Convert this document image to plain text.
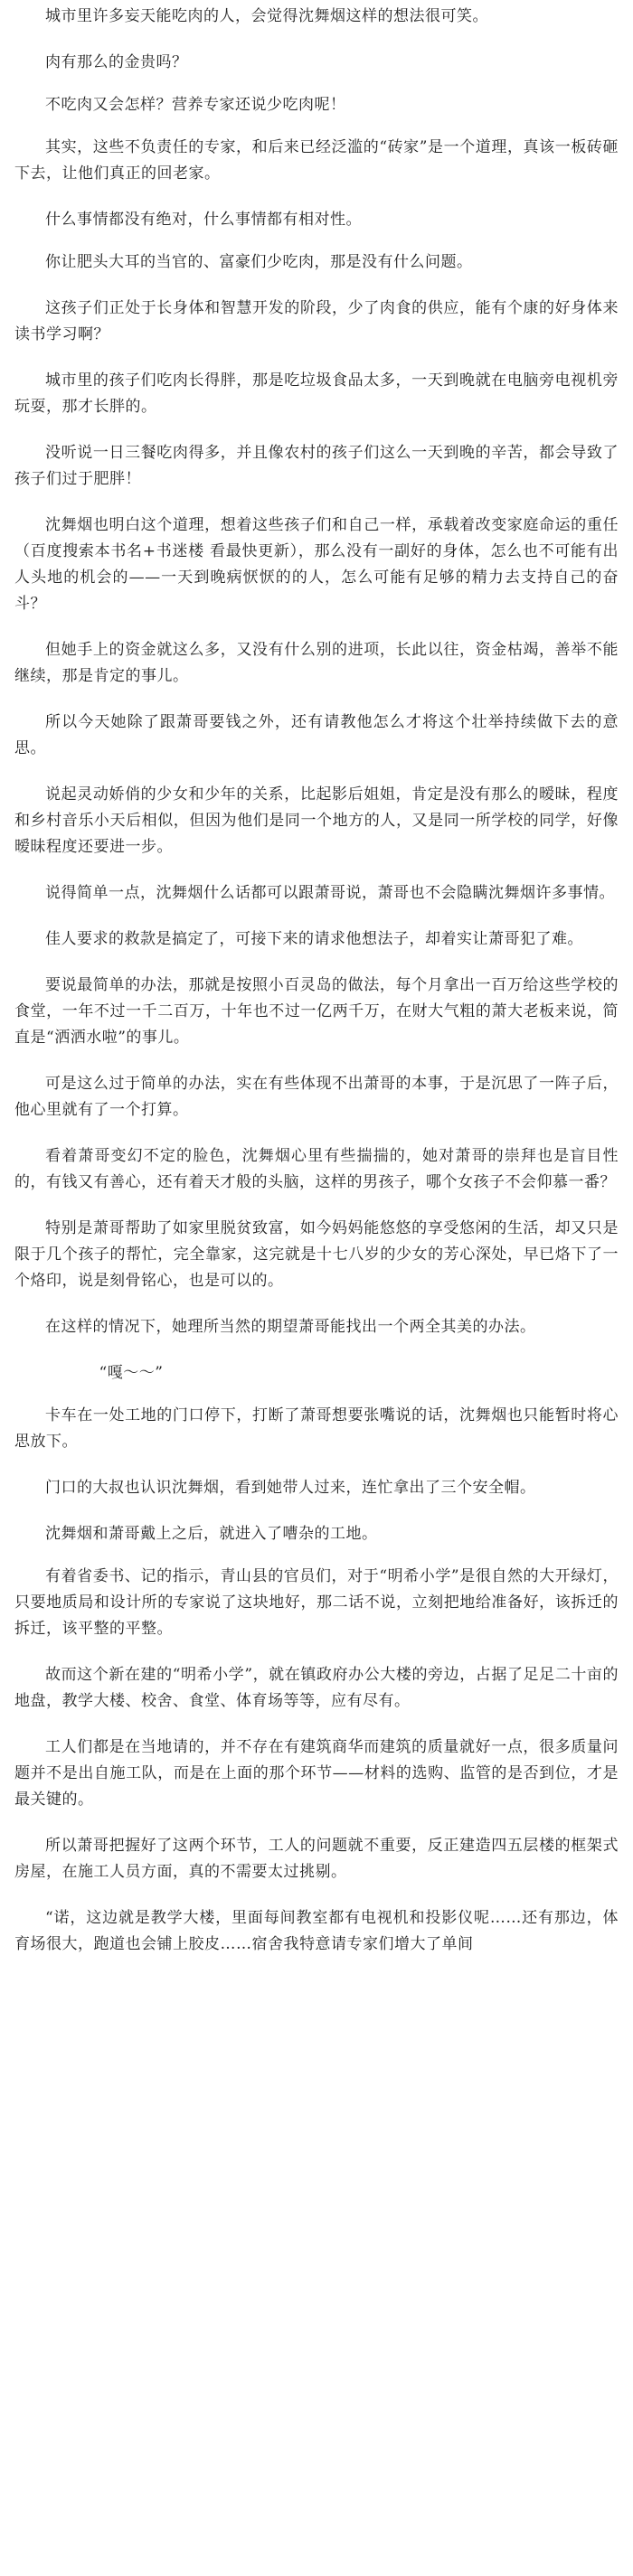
城市里许多妄天能吃肉的人，会觉得沈舞烟这样的想法很可笑。

肉有那么的金贵吗？

不吃肉又会怎样？营养专家还说少吃肉呢！

其实，这些不负责任的专家，和后来已经泛滥的“砖家”是一个道理，真该一板砖砸下去，让他们真正的回老家。

什么事情都没有绝对，什么事情都有相对性。

你让肥头大耳的当官的、富豪们少吃肉，那是没有什么问题。

这孩子们正处于长身体和智慧开发的阶段，少了肉食的供应，能有个康的好身体来读书学习啊？

城市里的孩子们吃肉长得胖，那是吃垃圾食品太多，一天到晚就在电脑旁电视机旁玩耍，那才长胖的。

没听说一日三餐吃肉得多，并且像农村的孩子们这么一天到晚的辛苦，都会导致了孩子们过于肥胖！

沈舞烟也明白这个道理，想着这些孩子们和自己一样，承载着改变家庭命运的重任（百度搜索本书名+书迷楼 看最快更新），那么没有一副好的身体，怎么也不可能有出人头地的机会的——一天到晚病恹恹的的人，怎么可能有足够的精力去支持自己的奋斗？

但她手上的资金就这么多，又没有什么别的进项，长此以往，资金枯竭，善举不能继续，那是肯定的事儿。

所以今天她除了跟萧哥要钱之外，还有请教他怎么才将这个壮举持续做下去的意思。

说起灵动娇俏的少女和少年的关系，比起影后姐姐，肯定是没有那么的暧昧，程度和乡村音乐小天后相似，但因为他们是同一个地方的人，又是同一所学校的同学，好像暧昧程度还要进一步。

说得简单一点，沈舞烟什么话都可以跟萧哥说，萧哥也不会隐瞒沈舞烟许多事情。

佳人要求的救款是搞定了，可接下来的请求他想法子，却着实让萧哥犯了难。

要说最简单的办法，那就是按照小百灵岛的做法，每个月拿出一百万给这些学校的食堂，一年不过一千二百万，十年也不过一亿两千万，在财大气粗的萧大老板来说，简直是“洒洒水啦”的事儿。

可是这么过于简单的办法，实在有些体现不出萧哥的本事，于是沉思了一阵子后，他心里就有了一个打算。

看着萧哥变幻不定的脸色，沈舞烟心里有些揣揣的，她对萧哥的崇拜也是盲目性的，有钱又有善心，还有着天才般的头脑，这样的男孩子，哪个女孩子不会仰慕一番？

特别是萧哥帮助了如家里脱贫致富，如今妈妈能悠悠的享受悠闲的生活，却又只是限于几个孩子的帮忙，完全靠家，这完就是十七八岁的少女的芳心深处，早已烙下了一个烙印，说是刻骨铭心，也是可以的。

在这样的情况下，她理所当然的期望萧哥能找出一个两全其美的办法。

“嘎～～”

卡车在一处工地的门口停下，打断了萧哥想要张嘴说的话，沈舞烟也只能暂时将心思放下。

门口的大叔也认识沈舞烟，看到她带人过来，连忙拿出了三个安全帽。

沈舞烟和萧哥戴上之后，就进入了嘈杂的工地。

有着省委书、记的指示，青山县的官员们，对于“明希小学”是很自然的大开绿灯，只要地质局和设计所的专家说了这块地好，那二话不说，立刻把地给准备好，该拆迁的拆迁，该平整的平整。

故而这个新在建的“明希小学”，就在镇政府办公大楼的旁边，占据了足足二十亩的地盘，教学大楼、校舍、食堂、体育场等等，应有尽有。

工人们都是在当地请的，并不存在有建筑商华而建筑的质量就好一点，很多质量问题并不是出自施工队，而是在上面的那个环节——材料的选购、监管的是否到位，才是最关键的。

所以萧哥把握好了这两个环节，工人的问题就不重要，反正建造四五层楼的框架式房屋，在施工人员方面，真的不需要太过挑剔。

“诺，这边就是教学大楼，里面每间教室都有电视机和投影仪呢……还有那边，体育场很大，跑道也会铺上胶皮……宿舍我特意请专家们增大了单间
